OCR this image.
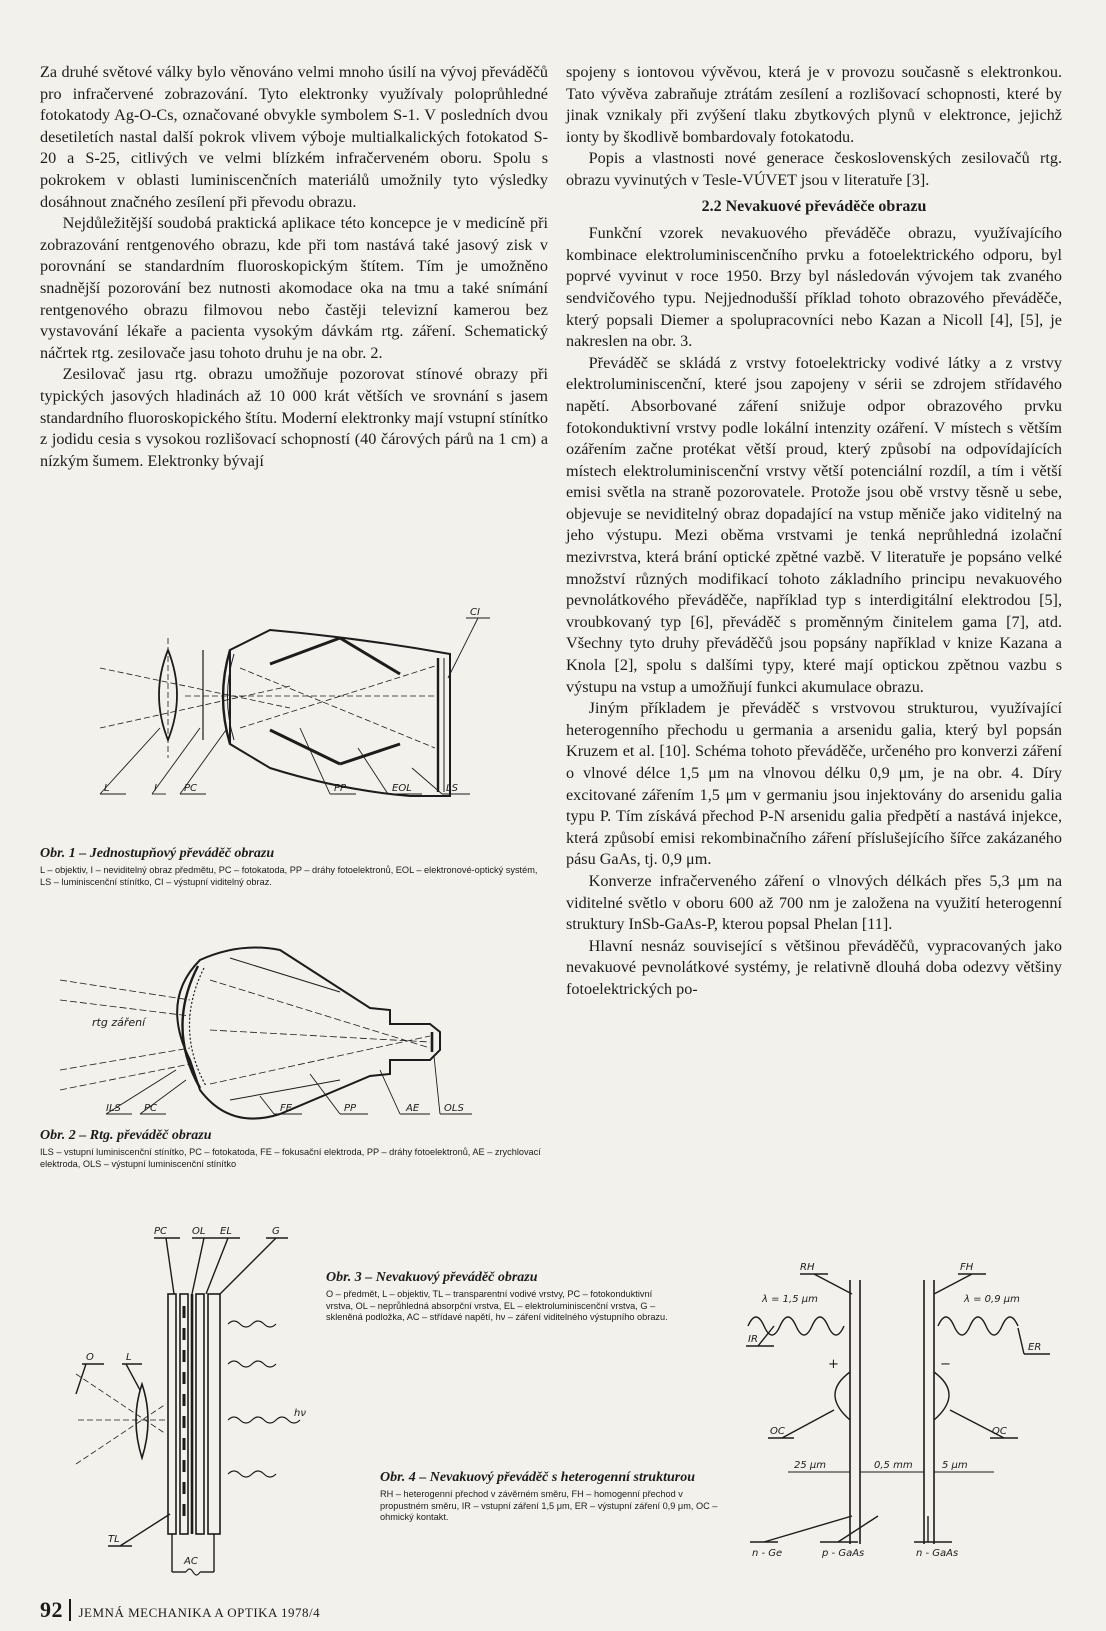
Za druhé světové války bylo věnováno velmi mnoho úsilí na vývoj převáděčů pro infračervené zobrazování. Tyto elektronky využívaly poloprůhledné fotokatody Ag-O-Cs, označované obvykle symbolem S-1. V posledních dvou desetiletích nastal další pokrok vlivem výboje multialkalických fotokatod S-20 a S-25, citlivých ve velmi blízkém infračerveném oboru. Spolu s pokrokem v oblasti luminiscenčních materiálů umožnily tyto výsledky dosáhnout značného zesílení při převodu obrazu.

Nejdůležitější soudobá praktická aplikace této koncepce je v medicíně při zobrazování rentgenového obrazu, kde při tom nastává také jasový zisk v porovnání se standardním fluoroskopickým štítem. Tím je umožněno snadnější pozorování bez nutnosti akomodace oka na tmu a také snímání rentgenového obrazu filmovou nebo častěji televizní kamerou bez vystavování lékaře a pacienta vysokým dávkám rtg. záření. Schematický náčrtek rtg. zesilovače jasu tohoto druhu je na obr. 2.

Zesilovač jasu rtg. obrazu umožňuje pozorovat stínové obrazy při typických jasových hladinách až 10 000 krát větších ve srovnání s jasem standardního fluoroskopického štítu. Moderní elektronky mají vstupní stínítko z jodidu cesia s vysokou rozlišovací schopností (40 čárových párů na 1 cm) a nízkým šumem. Elektronky bývají

spojeny s iontovou vývěvou, která je v provozu současně s elektronkou. Tato vývěva zabraňuje ztrátám zesílení a rozlišovací schopnosti, které by jinak vznikaly při zvýšení tlaku zbytkových plynů v elektronce, jejichž ionty by škodlivě bombardovaly fotokatodu.

Popis a vlastnosti nové generace československých zesilovačů rtg. obrazu vyvinutých v Tesle-VÚVET jsou v literatuře [3].

2.2 Nevakuové převáděče obrazu

Funkční vzorek nevakuového převáděče obrazu, využívajícího kombinace elektroluminiscenčního prvku a fotoelektrického odporu, byl poprvé vyvinut v roce 1950. Brzy byl následován vývojem tak zvaného sendvičového typu. Nejjednodušší příklad tohoto obrazového převáděče, který popsali Diemer a spolupracovníci nebo Kazan a Nicoll [4], [5], je nakreslen na obr. 3.

Převáděč se skládá z vrstvy fotoelektricky vodivé látky a z vrstvy elektroluminiscenční, které jsou zapojeny v sérii se zdrojem střídavého napětí. Absorbované záření snižuje odpor obrazového prvku fotokonduktivní vrstvy podle lokální intenzity ozáření. V místech s větším ozářením začne protékat větší proud, který způsobí na odpovídajících místech elektroluminiscenční vrstvy větší potenciální rozdíl, a tím i větší emisi světla na straně pozorovatele. Protože jsou obě vrstvy těsně u sebe, objevuje se neviditelný obraz dopadající na vstup měniče jako viditelný na jeho výstupu. Mezi oběma vrstvami je tenká neprůhledná izolační mezivrstva, která brání optické zpětné vazbě. V literatuře je popsáno velké množství různých modifikací tohoto základního principu nevakuového pevnolátkového převáděče, například typ s interdigitální elektrodou [5], vroubkovaný typ [6], převáděč s proměnným činitelem gama [7], atd. Všechny tyto druhy převáděčů jsou popsány například v knize Kazana a Knola [2], spolu s dalšími typy, které mají optickou zpětnou vazbu s výstupu na vstup a umožňují funkci akumulace obrazu.

Jiným příkladem je převáděč s vrstvovou strukturou, využívající heterogenního přechodu u germania a arsenidu galia, který byl popsán Kruzem et al. [10]. Schéma tohoto převáděče, určeného pro konverzi záření o vlnové délce 1,5 μm na vlnovou délku 0,9 μm, je na obr. 4. Díry excitované zářením 1,5 μm v germaniu jsou injektovány do arsenidu galia typu P. Tím získává přechod P-N arsenidu galia předpětí a nastává injekce, která způsobí emisi rekombinačního záření příslušejícího šířce zakázaného pásu GaAs, tj. 0,9 μm.

Konverze infračerveného záření o vlnových délkách přes 5,3 μm na viditelné světlo v oboru 600 až 700 nm je založena na využití heterogenní struktury InSb-GaAs-P, kterou popsal Phelan [11].

Hlavní nesnáz související s většinou převáděčů, vypracovaných jako nevakuové pevnolátkové systémy, je relativně dlouhá doba odezvy většiny fotoelektrických po-

L	I	PC	PP	EOL	LS
CI
Obr. 1 – Jednostupňový převáděč obrazu
L – objektiv, I – neviditelný obraz předmětu, PC – fotokatoda, PP – dráhy fotoelektronů, EOL – elektronové-optický systém, LS – luminiscenční stínítko, CI – výstupní viditelný obraz.
rtg záření
ILS PC	FE	PP	AE OLS
Obr. 2 – Rtg. převáděč obrazu
ILS – vstupní luminiscenční stínítko, PC – fotokatoda, FE – fokusační elektroda, PP – dráhy fotoelektronů, AE – zrychlovací elektroda, OLS – výstupní luminiscenční stínítko
PC OL EL	G
O	L
hν
TL
AC
Obr. 3 – Nevakuový převáděč obrazu
O – předmět, L – objektiv, TL – transparentní vodivé vrstvy, PC – fotokonduktivní vrstva, OL – neprůhledná absorpční vrstva, EL – elektroluminiscenční vrstva, G – skleněná podložka, AC – střídavé napětí, hν – záření viditelného výstupního obrazu.
RH	FH
λ = 1,5 μm	λ = 0,9 μm
IR
ER
+	−
OC	OC
25 μm	0,5 mm	5 μm
n - Ge	p - GaAs	n - GaAs
Obr. 4 – Nevakuový převáděč s heterogenní strukturou
RH – heterogenní přechod v závěrném směru, FH – homogenní přechod v propustném směru, IR – vstupní záření 1,5 μm, ER – výstupní záření 0,9 μm, OC – ohmický kontakt.
92 JEMNÁ MECHANIKA A OPTIKA 1978/4
